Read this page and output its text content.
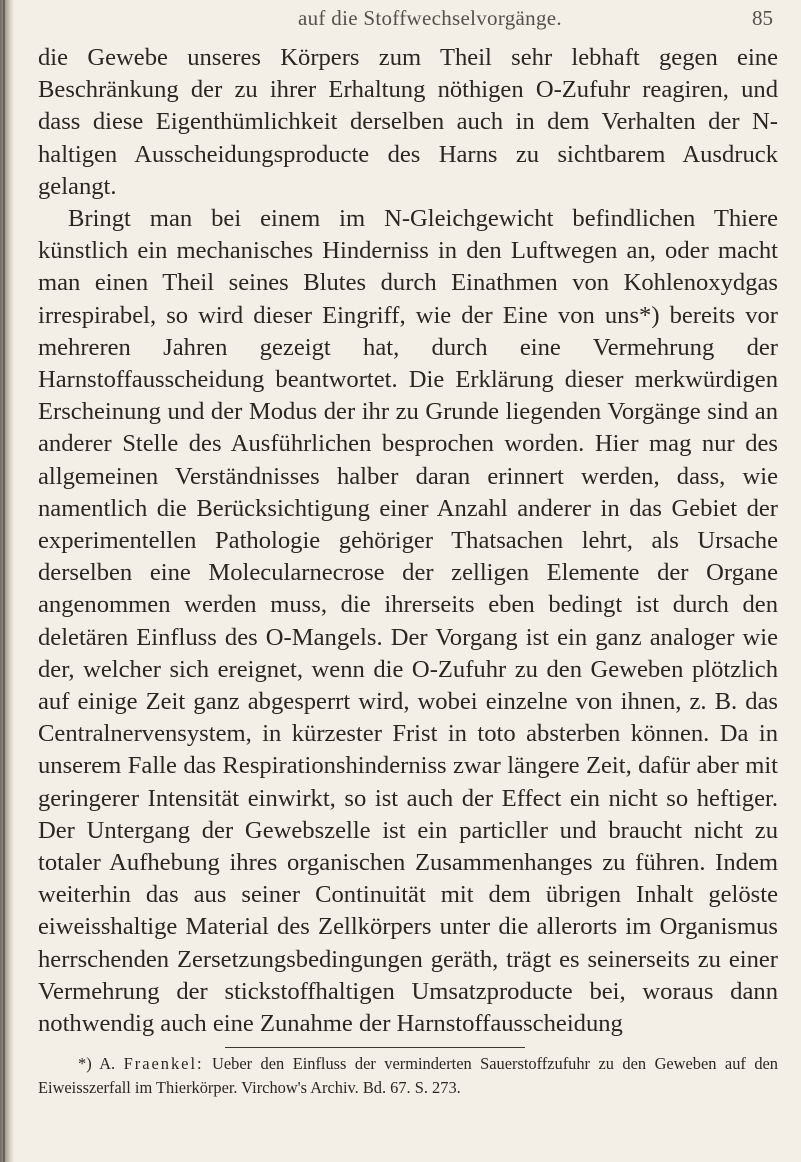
auf die Stoffwechselvorgänge.	85

die Gewebe unseres Körpers zum Theil sehr lebhaft gegen eine Beschränkung der zu ihrer Erhaltung nöthigen O-Zufuhr reagiren, und dass diese Eigenthümlichkeit derselben auch in dem Verhalten der N-haltigen Ausscheidungsproducte des Harns zu sichtbarem Ausdruck gelangt.

Bringt man bei einem im N-Gleichgewicht befindlichen Thiere künstlich ein mechanisches Hinderniss in den Luftwegen an, oder macht man einen Theil seines Blutes durch Einathmen von Kohlenoxydgas irrespirabel, so wird dieser Eingriff, wie der Eine von uns*) bereits vor mehreren Jahren gezeigt hat, durch eine Vermehrung der Harnstoffausscheidung beantwortet. Die Erklärung dieser merkwürdigen Erscheinung und der Modus der ihr zu Grunde liegenden Vorgänge sind an anderer Stelle des Ausführlichen besprochen worden. Hier mag nur des allgemeinen Verständnisses halber daran erinnert werden, dass, wie namentlich die Berücksichtigung einer Anzahl anderer in das Gebiet der experimentellen Pathologie gehöriger Thatsachen lehrt, als Ursache derselben eine Molecularnecrose der zelligen Elemente der Organe angenommen werden muss, die ihrerseits eben bedingt ist durch den deletären Einfluss des O-Mangels. Der Vorgang ist ein ganz analoger wie der, welcher sich ereignet, wenn die O-Zufuhr zu den Geweben plötzlich auf einige Zeit ganz abgesperrt wird, wobei einzelne von ihnen, z. B. das Centralnervensystem, in kürzester Frist in toto absterben können. Da in unserem Falle das Respirationshinderniss zwar längere Zeit, dafür aber mit geringerer Intensität einwirkt, so ist auch der Effect ein nicht so heftiger. Der Untergang der Gewebszelle ist ein particller und braucht nicht zu totaler Aufhebung ihres organischen Zusammenhanges zu führen. Indem weiterhin das aus seiner Continuität mit dem übrigen Inhalt gelöste eiweisshaltige Material des Zellkörpers unter die allerorts im Organismus herrschenden Zersetzungsbedingungen geräth, trägt es seinerseits zu einer Vermehrung der stickstoffhaltigen Umsatzproducte bei, woraus dann nothwendig auch eine Zunahme der Harnstoffausscheidung

*) A. Fraenkel: Ueber den Einfluss der verminderten Sauerstoffzufuhr zu den Geweben auf den Eiweisszerfall im Thierkörper. Virchow's Archiv. Bd. 67. S. 273.
